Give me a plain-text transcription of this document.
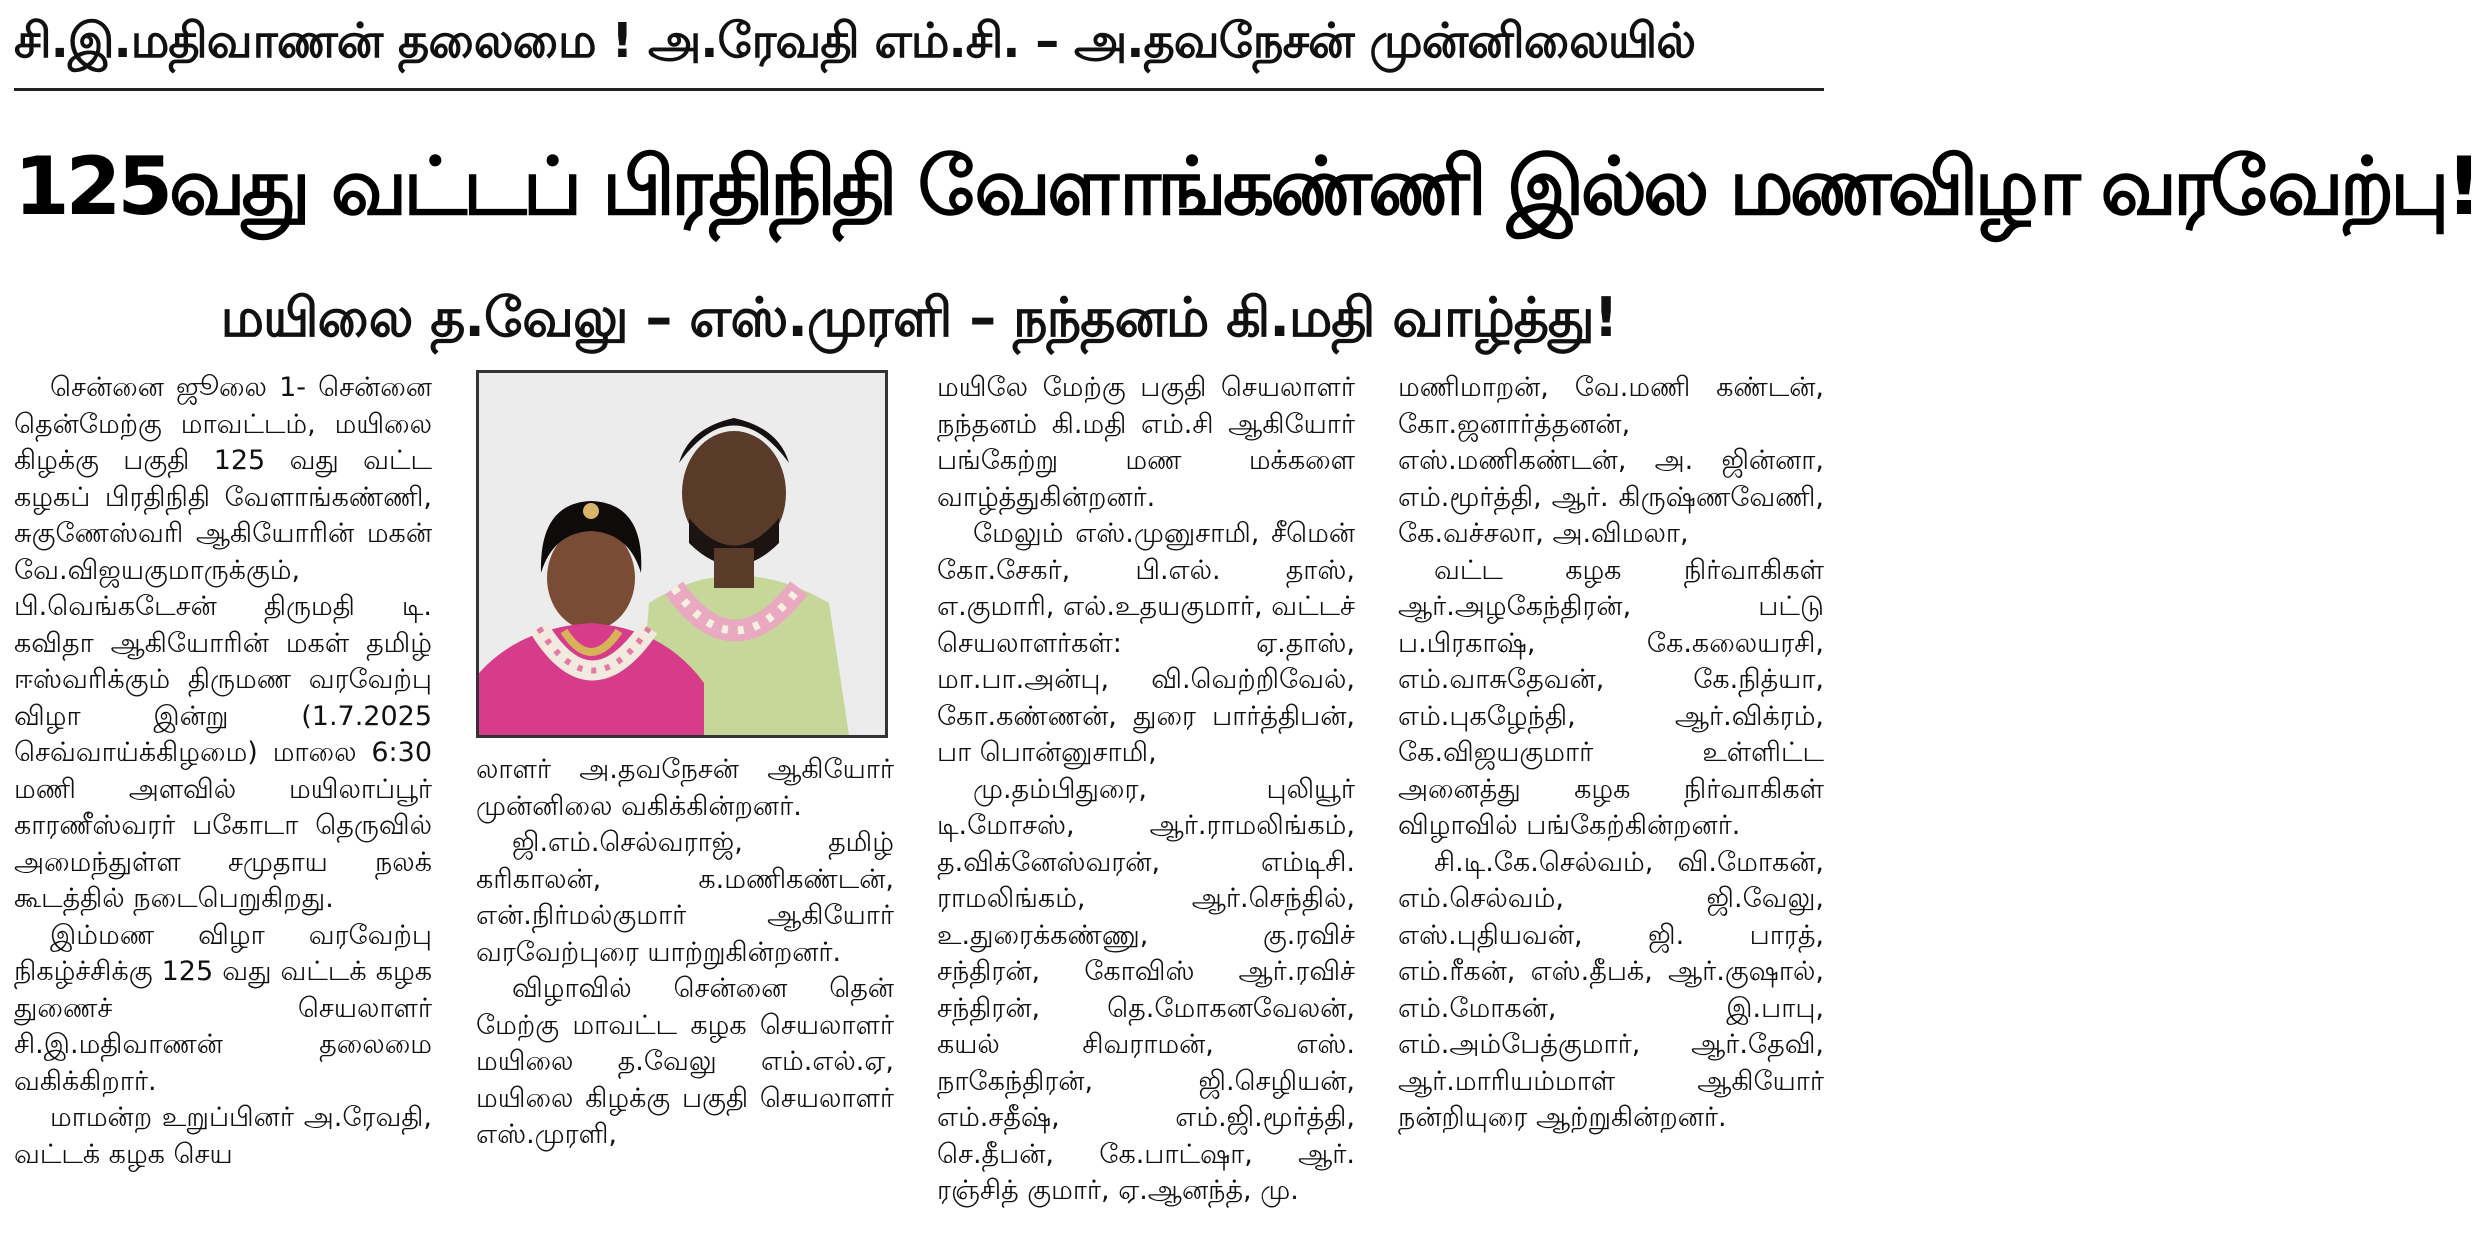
சி.இ.மதிவாணன் தலைமை ! அ.ரேவதி எம்.சி. – அ.தவநேசன் முன்னிலையில்
125வது வட்டப் பிரதிநிதி வேளாங்கண்ணி இல்ல மணவிழா வரவேற்பு!
மயிலை த.வேலு – எஸ்.முரளி – நந்தனம் கி.மதி வாழ்த்து!

சென்னை ஜூலை 1- சென்னை தென்மேற்கு மாவட்டம், மயிலை கிழக்கு பகுதி 125 வது வட்ட கழகப் பிரதிநிதி வேளாங்கண்ணி, சுகுணேஸ்வரி ஆகியோரின் மகன் வே.விஜயகுமாருக்கும், பி.வெங்கடேசன் திருமதி டி. கவிதா ஆகியோரின் மகள் தமிழ் ஈஸ்வரிக்கும் திருமண வரவேற்பு விழா இன்று (1.7.2025 செவ்வாய்க்கிழமை) மாலை 6:30 மணி அளவில் மயிலாப்பூர் காரணீஸ்வரர் பகோடா தெருவில் அமைந்துள்ள சமுதாய நலக் கூடத்தில் நடைபெறுகிறது.

இம்மண விழா வரவேற்பு நிகழ்ச்சிக்கு 125 வது வட்டக் கழக துணைச் செயலாளர் சி.இ.மதிவாணன் தலைமை வகிக்கிறார்.

மாமன்ற உறுப்பினர் அ.ரேவதி, வட்டக் கழக செய

லாளர் அ.தவநேசன் ஆகியோர் முன்னிலை வகிக்கின்றனர்.

ஜி.எம்.செல்வராஜ், தமிழ் கரிகாலன், க.மணிகண்டன், என்.நிர்மல்குமார் ஆகியோர் வரவேற்புரை யாற்றுகின்றனர்.

விழாவில் சென்னை தென் மேற்கு மாவட்ட கழக செயலாளர் மயிலை த.வேலு எம்.எல்.ஏ, மயிலை கிழக்கு பகுதி செயலாளர் எஸ்.முரளி,

மயிலே மேற்கு பகுதி செயலாளர் நந்தனம் கி.மதி எம்.சி ஆகியோர் பங்கேற்று மண மக்களை வாழ்த்துகின்றனர்.

மேலும் எஸ்.முனுசாமி, சீமென் கோ.சேகர், பி.எல். தாஸ், எ.குமாரி, எல்.உதயகுமார், வட்டச் செயலாளர்கள்: ஏ.தாஸ், மா.பா.அன்பு, வி.வெற்றிவேல், கோ.கண்ணன், துரை பார்த்திபன், பா பொன்னுசாமி,

மு.தம்பிதுரை, புலியூர் டி.மோசஸ், ஆர்.ராமலிங்கம், த.விக்னேஸ்வரன், எம்டிசி. ராமலிங்கம், ஆர்.செந்தில், உ.துரைக்கண்ணு, கு.ரவிச் சந்திரன், கோவிஸ் ஆர்.ரவிச் சந்திரன், தெ.மோகனவேலன், கயல் சிவராமன், எஸ். நாகேந்திரன், ஜி.செழியன், எம்.சதீஷ், எம்.ஜி.மூர்த்தி, செ.தீபன், கே.பாட்ஷா, ஆர். ரஞ்சித் குமார், ஏ.ஆனந்த், மு.

மணிமாறன், வே.மணி கண்டன், கோ.ஜனார்த்தனன், எஸ்.மணிகண்டன், அ. ஜின்னா, எம்.மூர்த்தி, ஆர். கிருஷ்ணவேணி, கே.வச்சலா, அ.விமலா,

வட்ட கழக நிர்வாகிகள் ஆர்.அழகேந்திரன், பட்டு ப.பிரகாஷ், கே.கலையரசி, எம்.வாசுதேவன், கே.நித்யா, எம்.புகழேந்தி, ஆர்.விக்ரம், கே.விஜயகுமார் உள்ளிட்ட அனைத்து கழக நிர்வாகிகள் விழாவில் பங்கேற்கின்றனர்.

சி.டி.கே.செல்வம், வி.மோகன், எம்.செல்வம், ஜி.வேலு, எஸ்.புதியவன், ஜி. பாரத், எம்.ரீகன், எஸ்.தீபக், ஆர்.குஷால், எம்.மோகன், இ.பாபு, எம்.அம்பேத்குமார், ஆர்.தேவி, ஆர்.மாரியம்மாள் ஆகியோர் நன்றியுரை ஆற்றுகின்றனர்.
